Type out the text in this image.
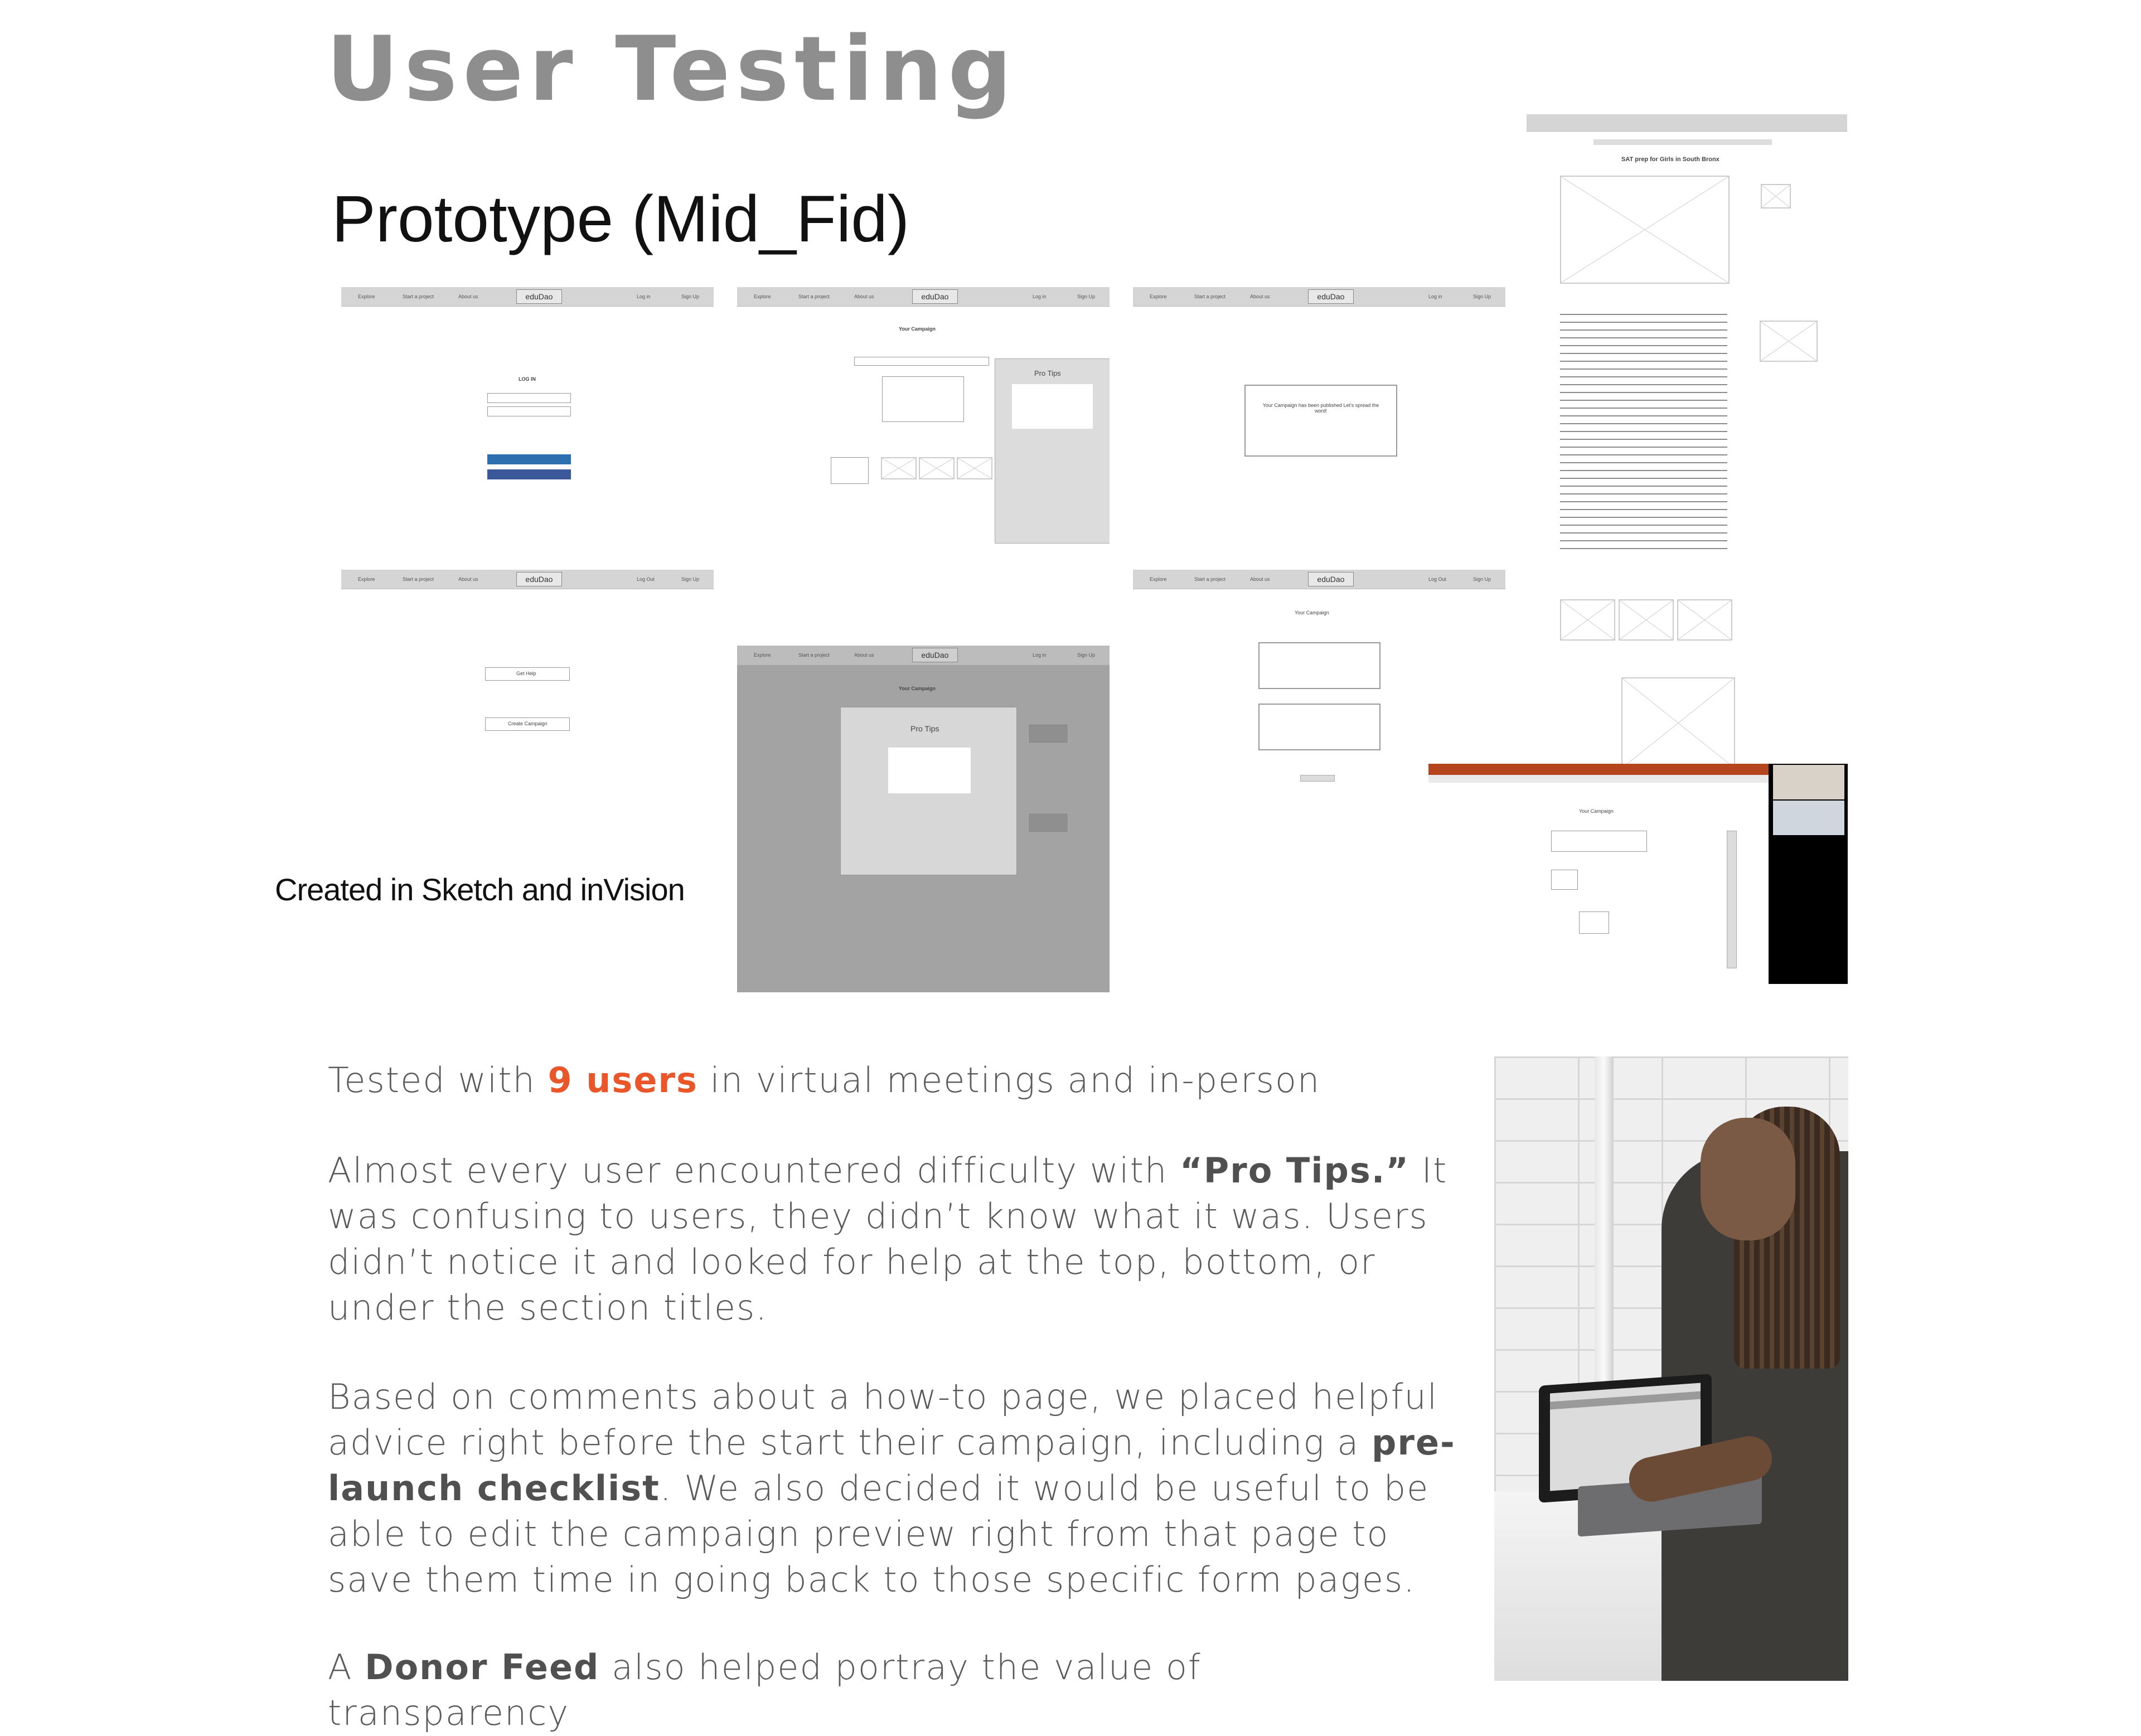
User Testing
Prototype (Mid_Fid)
Created in Sketch and inVision
Explore	Start a project	About us	eduDao	Log in	Sign Up
LOG IN
Explore	Start a project	About us	eduDao	Log in	Sign Up
Your Campaign
Pro Tips
Explore	Start a project	About us	eduDao	Log in	Sign Up
Your Campaign has been published Let's spread the word!
Explore	Start a project	About us	eduDao	Log Out	Sign Up
Get Help
Create Campaign
Explore	Start a project	About us	eduDao	Log in	Sign Up
Your Campaign
Pro Tips
Explore	Start a project	About us	eduDao	Log Out	Sign Up
Your Campaign
SAT prep for Girls in South Bronx
Your Campaign
Tested with 9 users in virtual meetings and in-person
Almost every user encountered difficulty with “Pro Tips.” It was confusing to users, they didn’t know what it was. Users didn’t notice it and looked for help at the top, bottom, or under the section titles.
Based on comments about a how-to page, we placed helpful advice right before the start their campaign, including a pre-launch checklist. We also decided it would be useful to be able to edit the campaign preview right from that page to save them time in going back to those specific form pages.
A Donor Feed also helped portray the value of transparency
